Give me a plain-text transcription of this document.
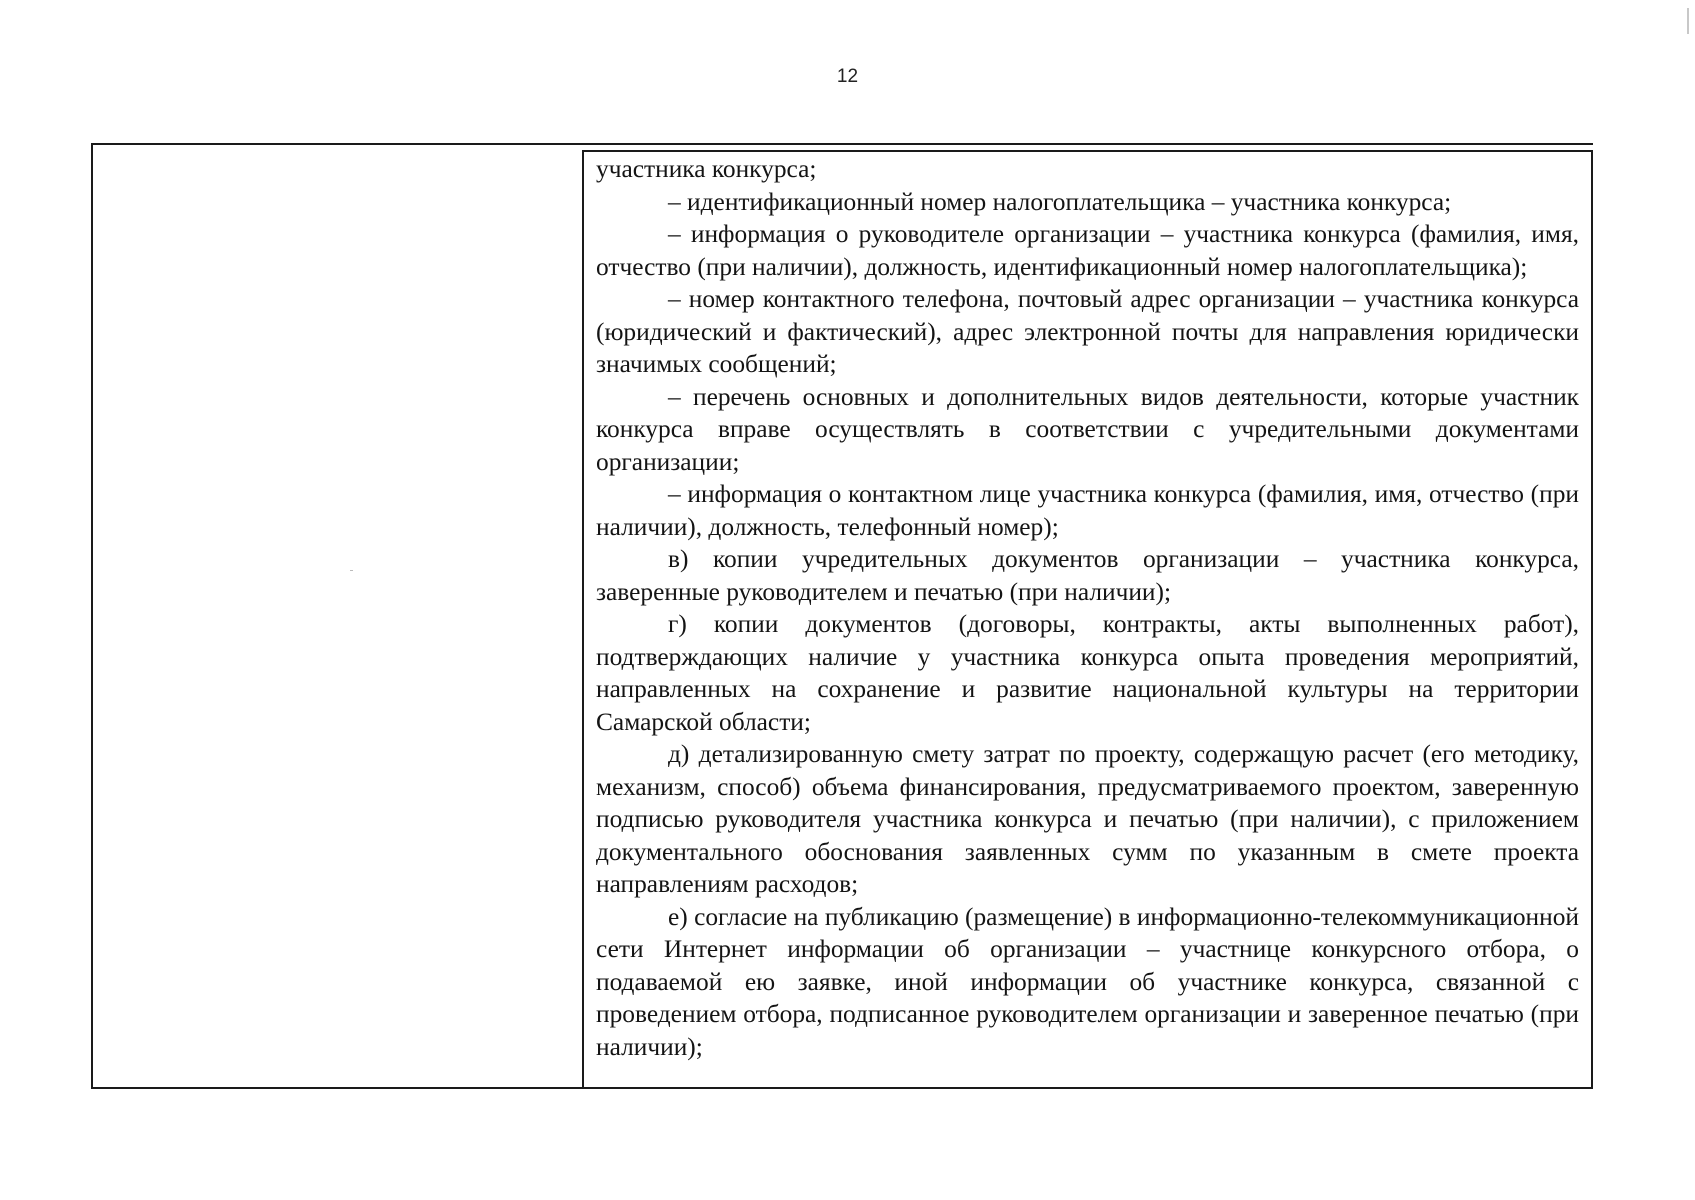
12

участника конкурса;

– идентификационный номер налогоплательщика – участника конкурса;

– информация о руководителе организации – участника конкурса (фамилия, имя, отчество (при наличии), должность, идентификационный номер налогоплательщика);

– номер контактного телефона, почтовый адрес организации – участника конкурса (юридический и фактический), адрес электронной почты для направления юридически значимых сообщений;

– перечень основных и дополнительных видов деятельности, которые участник конкурса вправе осуществлять в соответствии с учредительными документами организации;

– информация о контактном лице участника конкурса (фамилия, имя, отчество (при наличии), должность, телефонный номер);

в) копии учредительных документов организации – участника конкурса, заверенные руководителем и печатью (при наличии);

г) копии документов (договоры, контракты, акты выполненных работ), подтверждающих наличие у участника конкурса опыта проведения мероприятий, направленных на сохранение и развитие национальной культуры на территории Самарской области;

д) детализированную смету затрат по проекту, содержащую расчет (его методику, механизм, способ) объема финансирования, предусматриваемого проектом, заверенную подписью руководителя участника конкурса и печатью (при наличии), с приложением документального обоснования заявленных сумм по указанным в смете проекта направлениям расходов;

е) согласие на публикацию (размещение) в информационно-телекоммуникационной сети Интернет информации об организации – участнице конкурсного отбора, о подаваемой ею заявке, иной информации об участнике конкурса, связанной с проведением отбора, подписанное руководителем организации и заверенное печатью (при наличии);
